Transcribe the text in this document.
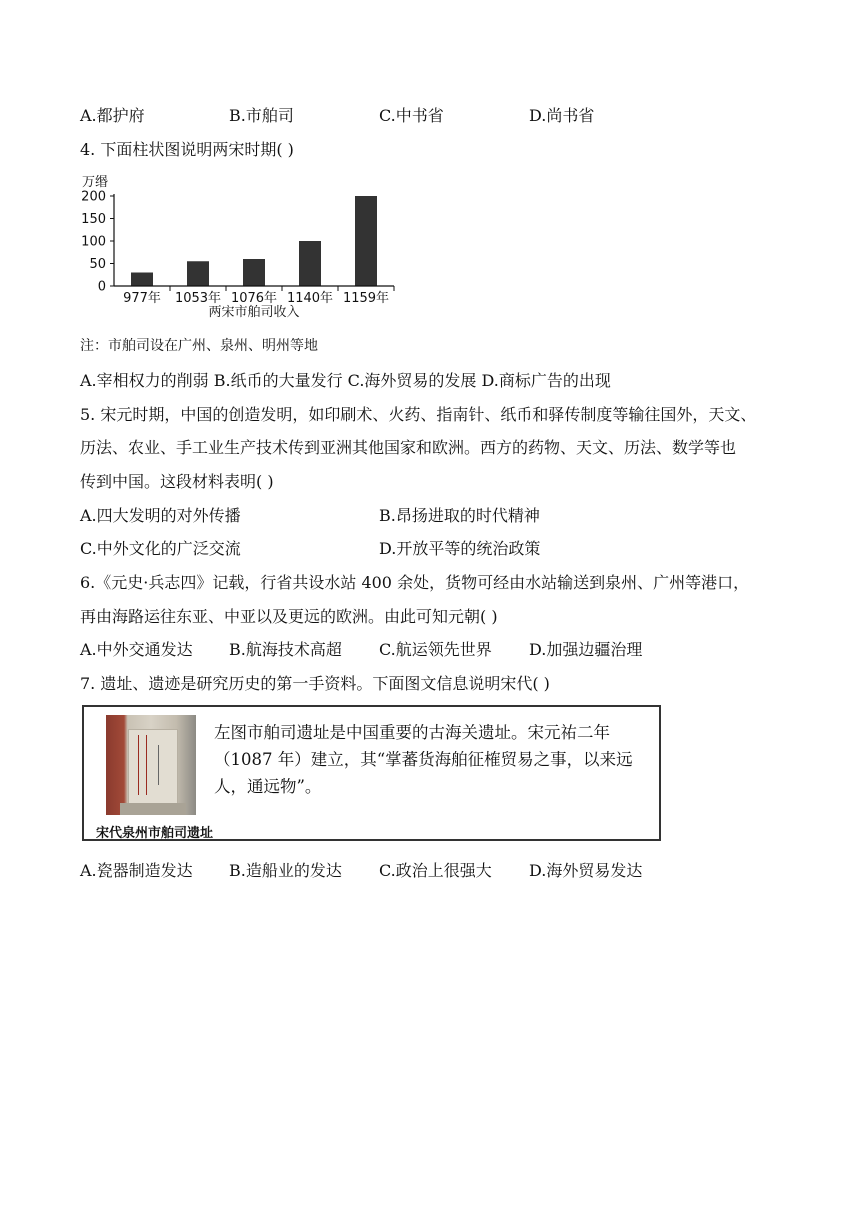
A.都护府	B.市舶司	C.中书省	D.尚书省
4. 下面柱状图说明两宋时期( )
万缗
200
150
100
50
0
977年 1053年 1076年 1140年 1159年
两宋市舶司收入
注：市舶司设在广州、泉州、明州等地
A.宰相权力的削弱 B.纸币的大量发行 C.海外贸易的发展 D.商标广告的出现
5. 宋元时期，中国的创造发明，如印刷术、火药、指南针、纸币和驿传制度等输往国外，天文、
历法、农业、手工业生产技术传到亚洲其他国家和欧洲。西方的药物、天文、历法、数学等也
传到中国。这段材料表明( )
A.四大发明的对外传播	B.昂扬进取的时代精神
C.中外文化的广泛交流	D.开放平等的统治政策
6.《元史·兵志四》记载，行省共设水站 400 余处，货物可经由水站输送到泉州、广州等港口，
再由海路运往东亚、中亚以及更远的欧洲。由此可知元朝( )
A.中外交通发达 B.航海技术高超 C.航运领先世界 D.加强边疆治理
7. 遗址、遗迹是研究历史的第一手资料。下面图文信息说明宋代( )
宋代泉州市舶司遗址
左图市舶司遗址是中国重要的古海关遗址。宋元祐二年（1087 年）建立，其“掌蕃货海舶征榷贸易之事，以来远人，通远物”。
A.瓷器制造发达 B.造船业的发达 C.政治上很强大 D.海外贸易发达
